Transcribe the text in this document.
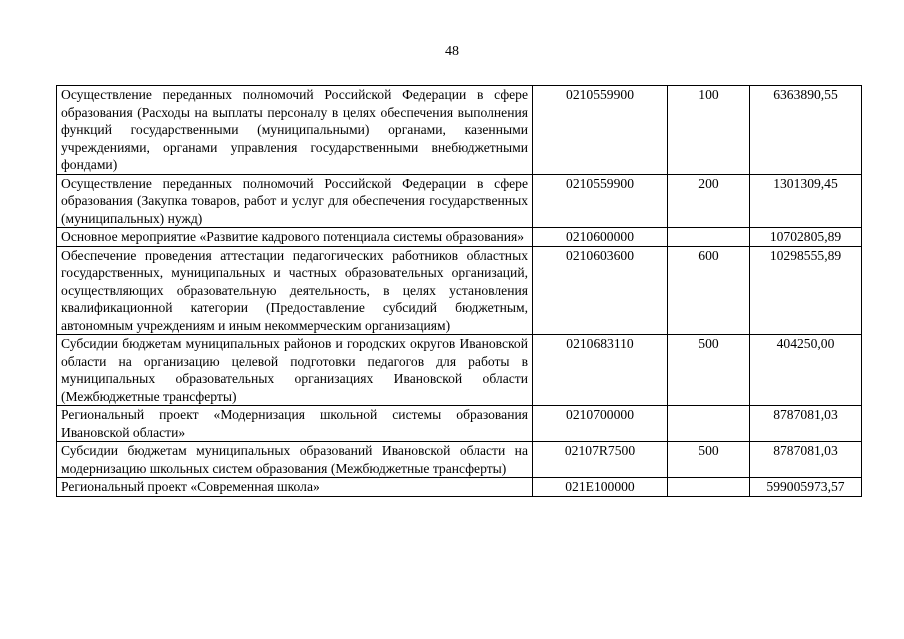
48
Осуществление переданных полномочий Российской Федерации в сфере образования (Расходы на выплаты персоналу в целях обеспечения выполнения функций государственными (муниципальными) органами, казенными учреждениями, органами управления государственными внебюджетными фондами)	0210559900	100	6363890,55
Осуществление переданных полномочий Российской Федерации в сфере образования (Закупка товаров, работ и услуг для обеспечения государственных (муниципальных) нужд)	0210559900	200	1301309,45
Основное мероприятие «Развитие кадрового потенциала системы образования»	0210600000		10702805,89
Обеспечение проведения аттестации педагогических работников областных государственных, муниципальных и частных образовательных организаций, осуществляющих образовательную деятельность, в целях установления квалификационной категории (Предоставление субсидий бюджетным, автономным учреждениям и иным некоммерческим организациям)	0210603600	600	10298555,89
Субсидии бюджетам муниципальных районов и городских округов Ивановской области на организацию целевой подготовки педагогов для работы в муниципальных образовательных организациях Ивановской области (Межбюджетные трансферты)	0210683110	500	404250,00
Региональный проект «Модернизация школьной системы образования Ивановской области»	0210700000		8787081,03
Субсидии бюджетам муниципальных образований Ивановской области на модернизацию школьных систем образования (Межбюджетные трансферты)	02107R7500	500	8787081,03
Региональный проект «Современная школа»	021E100000		599005973,57
